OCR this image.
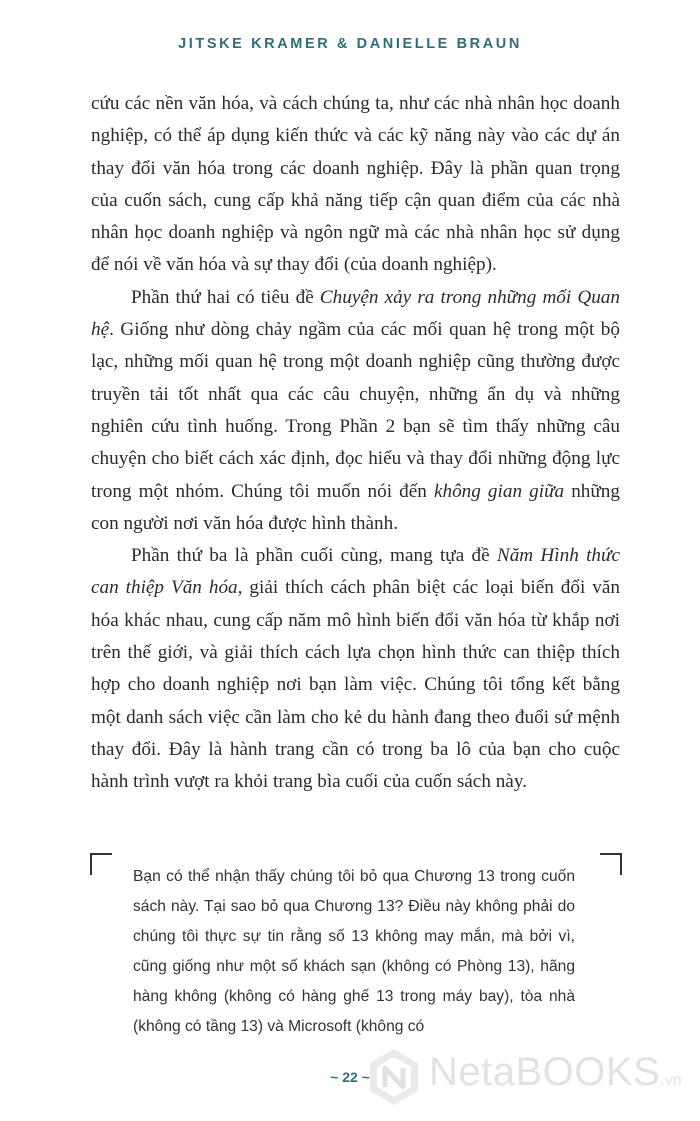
JITSKE KRAMER & DANIELLE BRAUN

cứu các nền văn hóa, và cách chúng ta, như các nhà nhân học doanh nghiệp, có thể áp dụng kiến thức và các kỹ năng này vào các dự án thay đổi văn hóa trong các doanh nghiệp. Đây là phần quan trọng của cuốn sách, cung cấp khả năng tiếp cận quan điểm của các nhà nhân học doanh nghiệp và ngôn ngữ mà các nhà nhân học sử dụng để nói về văn hóa và sự thay đổi (của doanh nghiệp).

Phần thứ hai có tiêu đề Chuyện xảy ra trong những mối Quan hệ. Giống như dòng chảy ngầm của các mối quan hệ trong một bộ lạc, những mối quan hệ trong một doanh nghiệp cũng thường được truyền tải tốt nhất qua các câu chuyện, những ẩn dụ và những nghiên cứu tình huống. Trong Phần 2 bạn sẽ tìm thấy những câu chuyện cho biết cách xác định, đọc hiểu và thay đổi những động lực trong một nhóm. Chúng tôi muốn nói đến không gian giữa những con người nơi văn hóa được hình thành.

Phần thứ ba là phần cuối cùng, mang tựa đề Năm Hình thức can thiệp Văn hóa, giải thích cách phân biệt các loại biến đổi văn hóa khác nhau, cung cấp năm mô hình biến đổi văn hóa từ khắp nơi trên thế giới, và giải thích cách lựa chọn hình thức can thiệp thích hợp cho doanh nghiệp nơi bạn làm việc. Chúng tôi tổng kết bằng một danh sách việc cần làm cho kẻ du hành đang theo đuổi sứ mệnh thay đổi. Đây là hành trang cần có trong ba lô của bạn cho cuộc hành trình vượt ra khỏi trang bìa cuối của cuốn sách này.

Bạn có thể nhận thấy chúng tôi bỏ qua Chương 13 trong cuốn sách này. Tại sao bỏ qua Chương 13? Điều này không phải do chúng tôi thực sự tin rằng số 13 không may mắn, mà bởi vì, cũng giống như một số khách sạn (không có Phòng 13), hãng hàng không (không có hàng ghế 13 trong máy bay), tòa nhà (không có tầng 13) và Microsoft (không có

~ 22 ~	NetaBOOKS.vn
